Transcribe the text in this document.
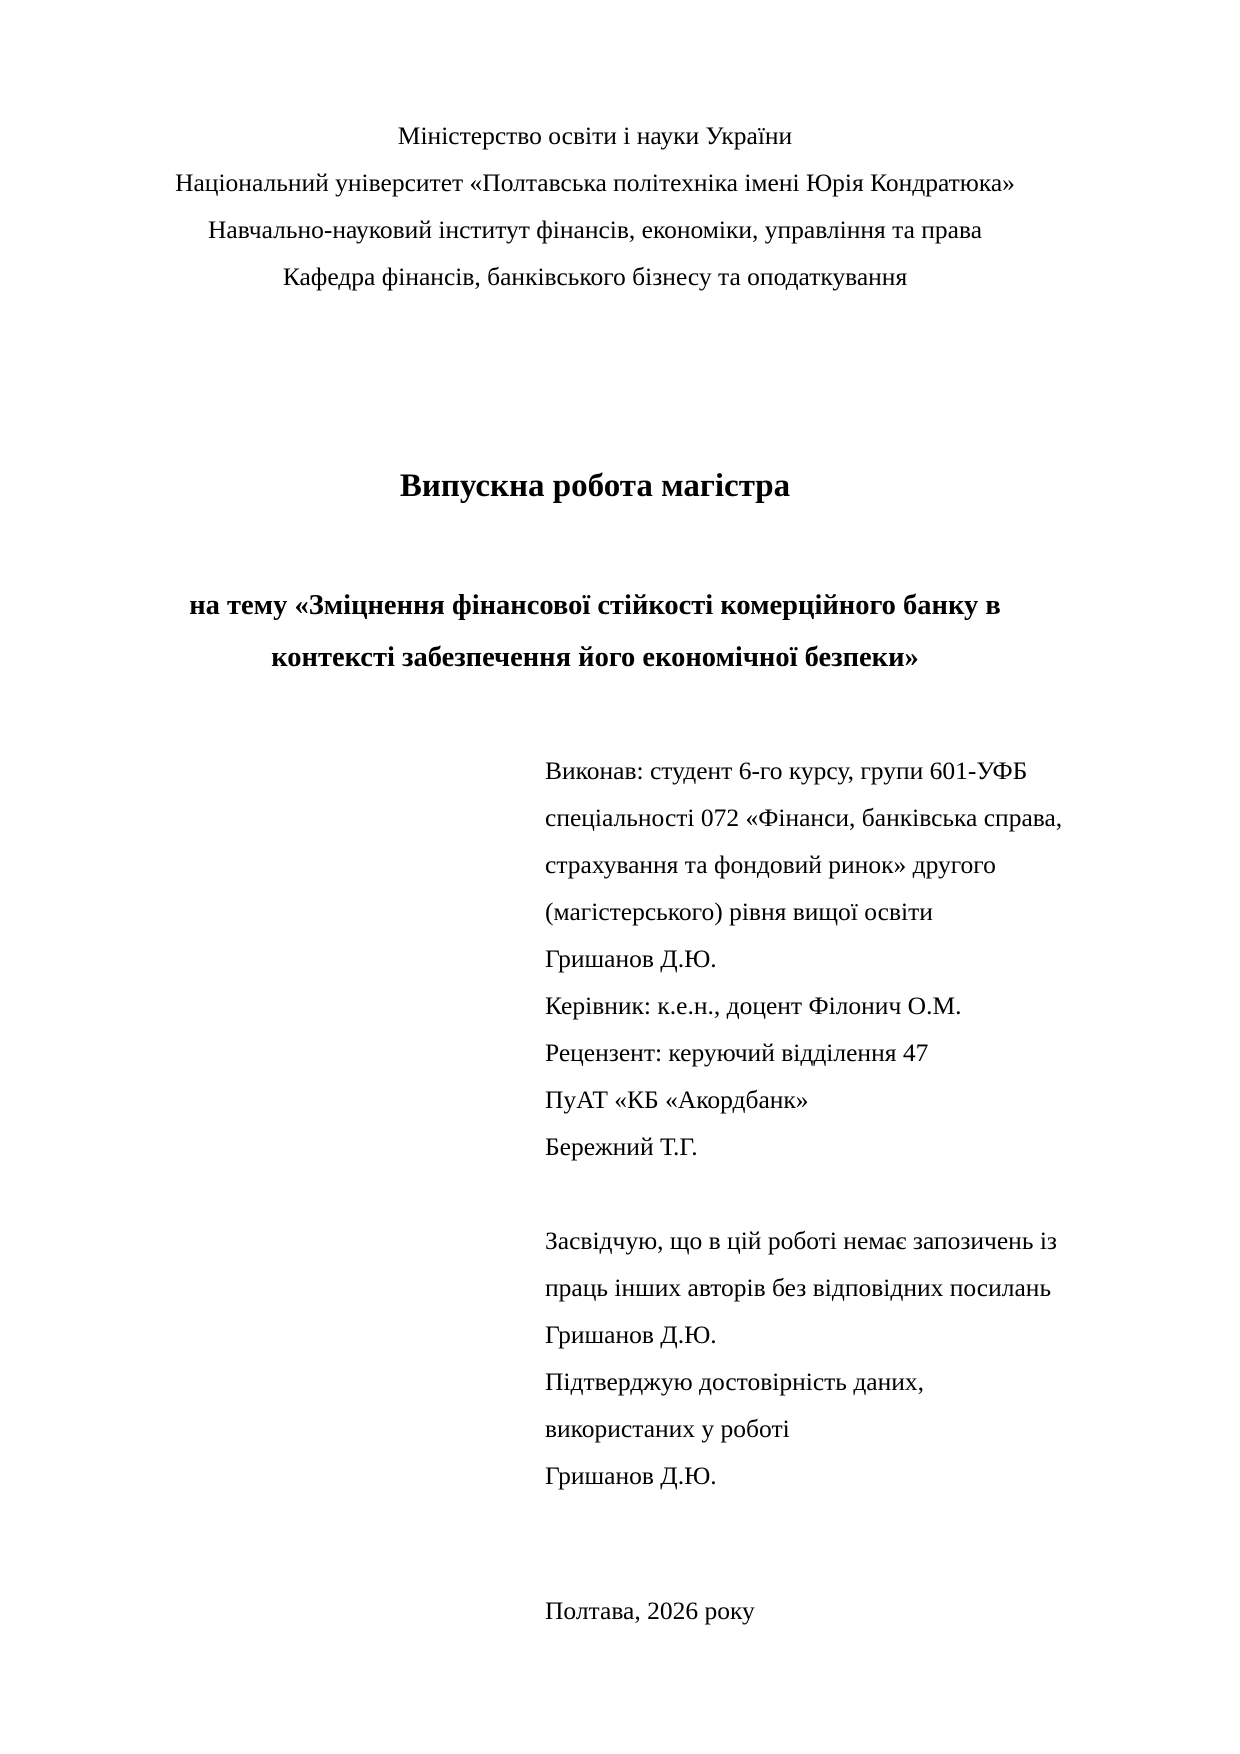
Міністерство освіти і науки України
Національний університет «Полтавська політехніка імені Юрія Кондратюка»
Навчально-науковий інститут фінансів, економіки, управління та права
Кафедра фінансів, банківського бізнесу та оподаткування
Випускна робота магістра
на тему «Зміцнення фінансової стійкості комерційного банку в
контексті забезпечення його економічної безпеки»
Виконав: студент 6-го курсу, групи 601-УФБ
спеціальності 072 «Фінанси, банківська справа,
страхування та фондовий ринок» другого
(магістерського) рівня вищої освіти
Гришанов Д.Ю.
Керівник: к.е.н., доцент Філонич О.М.
Рецензент: керуючий відділення 47
ПуАТ «КБ «Акордбанк»
Бережний Т.Г.
Засвідчую, що в цій роботі немає запозичень із
праць інших авторів без відповідних посилань
Гришанов Д.Ю.
Підтверджую достовірність даних,
використаних у роботі
Гришанов Д.Ю.
Полтава, 2026 року
